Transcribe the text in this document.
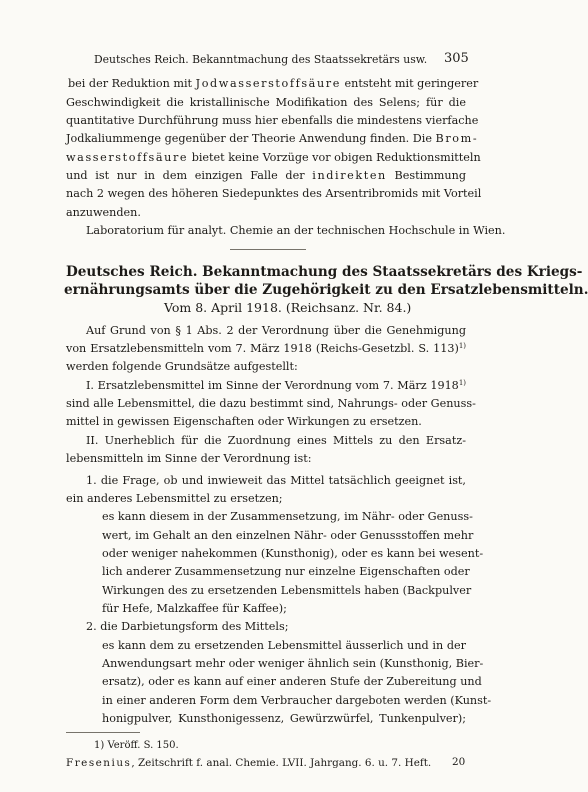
Deutsches Reich. Bekanntmachung des Staatssekretärs usw. 305
bei der Reduktion mit Jodwasserstoffsäure entsteht mit geringerer
Geschwindigkeit die kristallinische Modifikation des Selens; für die
quantitative Durchführung muss hier ebenfalls die mindestens vierfache
Jodkaliummenge gegenüber der Theorie Anwendung finden. Die Brom-
wasserstoffsäure bietet keine Vorzüge vor obigen Reduktionsmitteln
und ist nur in dem einzigen Falle der indirekten Bestimmung
nach 2 wegen des höheren Siedepunktes des Arsentribromids mit Vorteil
anzuwenden.
Laboratorium für analyt. Chemie an der technischen Hochschule in Wien.
Deutsches Reich. Bekanntmachung des Staatssekretärs des Kriegs-
ernährungsamts über die Zugehörigkeit zu den Ersatzlebensmitteln.
Vom 8. April 1918. (Reichsanz. Nr. 84.)
Auf Grund von § 1 Abs. 2 der Verordnung über die Genehmigung
von Ersatzlebensmitteln vom 7. März 1918 (Reichs-Gesetzbl. S. 113)$^{1)}$
werden folgende Grundsätze aufgestellt:
I. Ersatzlebensmittel im Sinne der Verordnung vom 7. März 1918$^{1)}$
sind alle Lebensmittel, die dazu bestimmt sind, Nahrungs- oder Genuss-
mittel in gewissen Eigenschaften oder Wirkungen zu ersetzen.
II. Unerheblich für die Zuordnung eines Mittels zu den Ersatz-
lebensmitteln im Sinne der Verordnung ist:
1. die Frage, ob und inwieweit das Mittel tatsächlich geeignet ist,
ein anderes Lebensmittel zu ersetzen;
es kann diesem in der Zusammensetzung, im Nähr- oder Genuss-
wert, im Gehalt an den einzelnen Nähr- oder Genussstoffen mehr
oder weniger nahekommen (Kunsthonig), oder es kann bei wesent-
lich anderer Zusammensetzung nur einzelne Eigenschaften oder
Wirkungen des zu ersetzenden Lebensmittels haben (Backpulver
für Hefe, Malzkaffee für Kaffee);
2. die Darbietungsform des Mittels;
es kann dem zu ersetzenden Lebensmittel äusserlich und in der
Anwendungsart mehr oder weniger ähnlich sein (Kunsthonig, Bier-
ersatz), oder es kann auf einer anderen Stufe der Zubereitung und
in einer anderen Form dem Verbraucher dargeboten werden (Kunst-
honigpulver, Kunsthonigessenz, Gewürzwürfel, Tunkenpulver);
1) Veröff. S. 150.
Fresenius, Zeitschrift f. anal. Chemie. LVII. Jahrgang. 6. u. 7. Heft. 20
